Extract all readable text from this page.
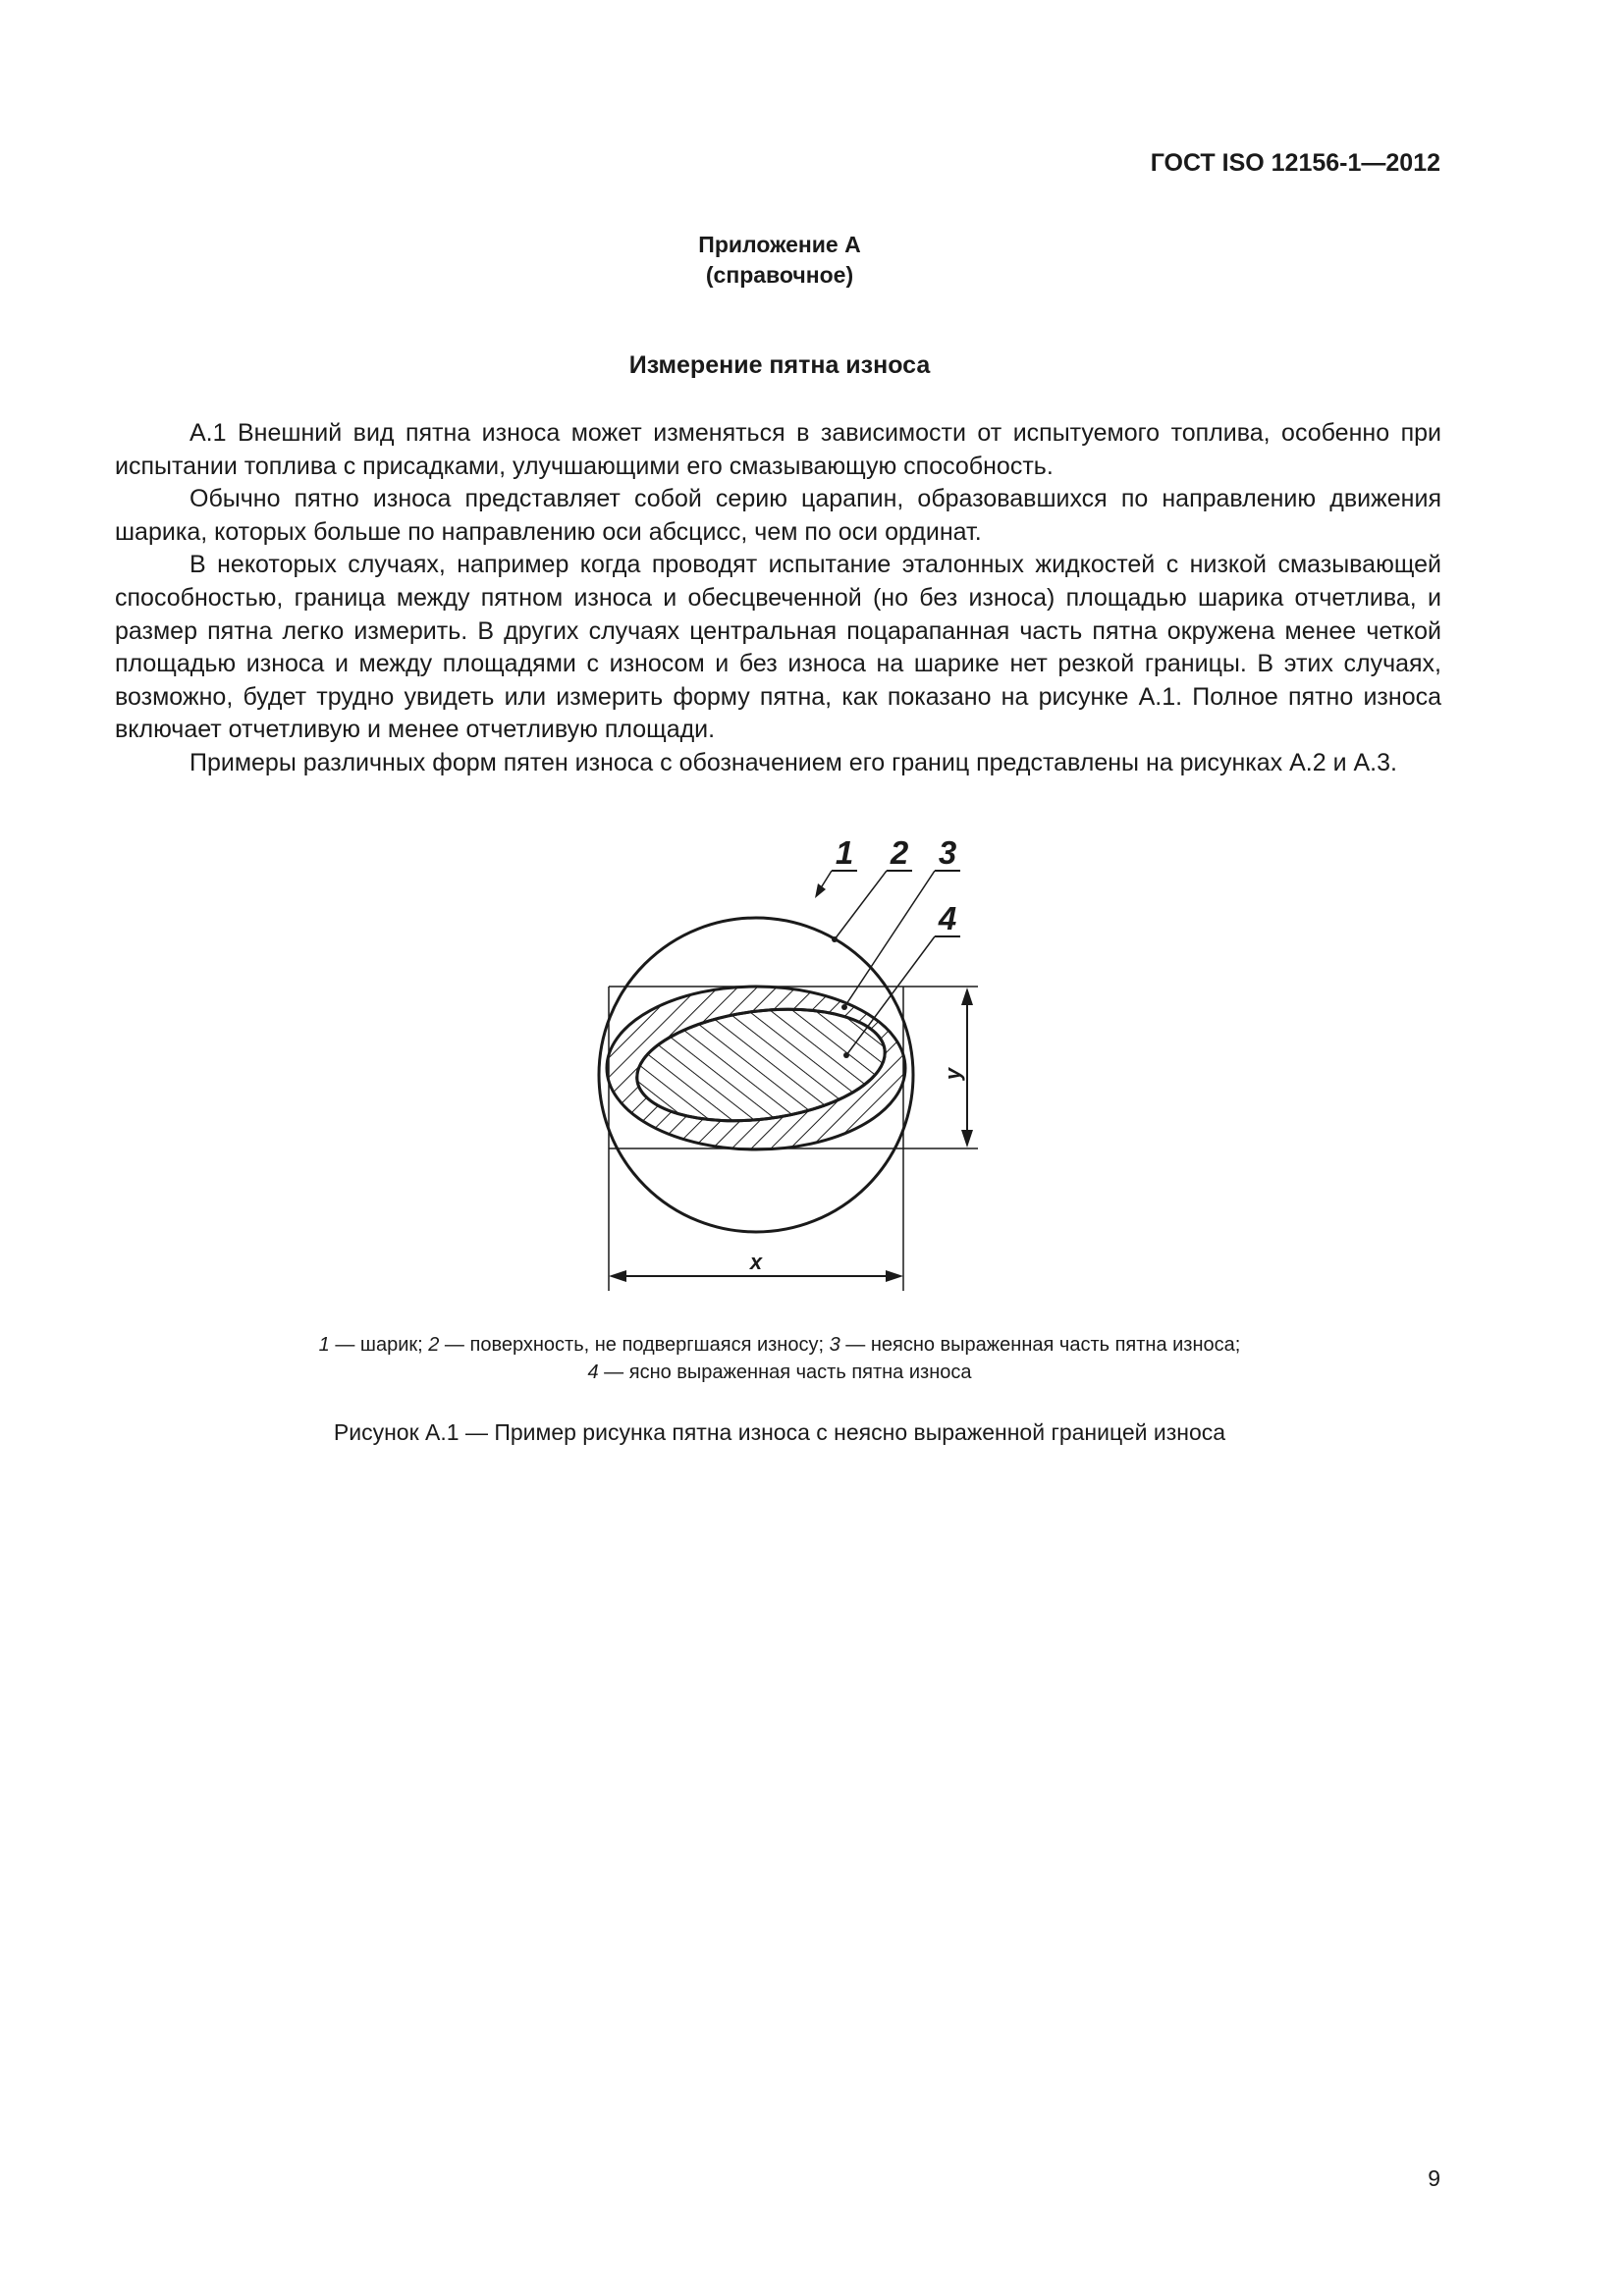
ГОСТ ISO 12156-1—2012
Приложение А
(справочное)
Измерение пятна износа

А.1 Внешний вид пятна износа может изменяться в зависимости от испытуемого топлива, особенно при испытании топлива с присадками, улучшающими его смазывающую способность.

Обычно пятно износа представляет собой серию царапин, образовавшихся по направлению движения шарика, которых больше по направлению оси абсцисс, чем по оси ординат.

В некоторых случаях, например когда проводят испытание эталонных жидкостей с низкой смазывающей способностью, граница между пятном износа и обесцвеченной (но без износа) площадью шарика отчетлива, и размер пятна легко измерить. В других случаях центральная поцарапанная часть пятна окружена менее четкой площадью износа и между площадями с износом и без износа на шарике нет резкой границы. В этих случаях, возможно, будет трудно увидеть или измерить форму пятна, как показано на рисунке А.1. Полное пятно износа включает отчетливую и менее отчетливую площади.

Примеры различных форм пятен износа с обозначением его границ представлены на рисунках А.2 и А.3.

y
x
1 2 3
4
1 — шарик; 2 — поверхность, не подвергшаяся износу; 3 — неясно выраженная часть пятна износа;
4 — ясно выраженная часть пятна износа
Рисунок А.1 — Пример рисунка пятна износа с неясно выраженной границей износа
9
